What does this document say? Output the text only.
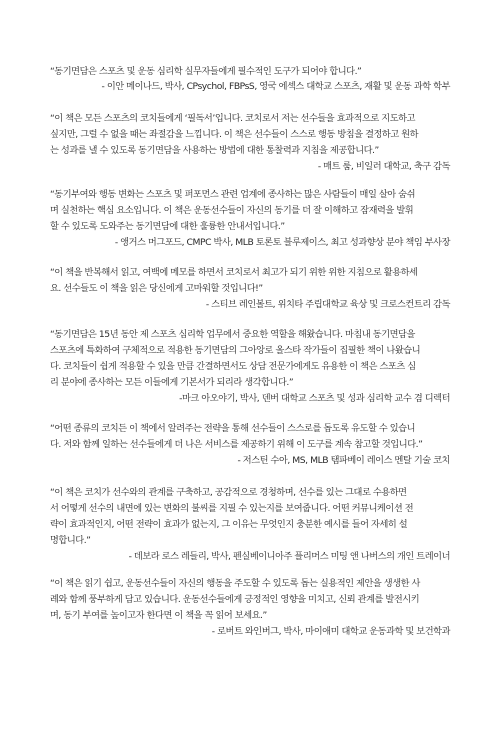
“동기면담은 스포츠 및 운동 심리학 실무자들에게 필수적인 도구가 되어야 합니다.”
- 이안 메이나드, 박사, CPsychol, FBPsS, 영국 에섹스 대학교 스포츠, 재활 및 운동 과학 학부
“이 책은 모든 스포츠의 코치들에게 ‘필독서’입니다. 코치로서 저는 선수들을 효과적으로 지도하고
싶지만, 그럴 수 없을 때는 좌절감을 느낍니다. 이 책은 선수들이 스스로 행동 방침을 결정하고 원하
는 성과를 낼 수 있도록 동기면담을 사용하는 방법에 대한 통찰력과 지침을 제공합니다.”
- 매트 룸, 비일러 대학교, 축구 감독
“동기부여와 행동 변화는 스포츠 및 퍼포먼스 관련 업계에 종사하는 많은 사람들이 매일 살아 숨쉬
며 실천하는 핵심 요소입니다. 이 책은 운동선수들이 자신의 동기를 더 잘 이해하고 잠재력을 발휘
할 수 있도록 도와주는 동기면담에 대한 훌륭한 안내서입니다.”
- 앵거스 머그포드, CMPC 박사, MLB 토론토 블루제이스, 최고 성과향상 분야 책임 부사장
“이 책을 반복해서 읽고, 여백에 메모를 하면서 코치로서 최고가 되기 위한 위한 지침으로 활용하세
요. 선수들도 이 책을 읽은 당신에게 고마워할 것입니다!”
- 스티브 레인볼트, 위치타 주립대학교 육상 및 크로스컨트리 감독
“동기면담은 15년 동안 제 스포츠 심리학 업무에서 중요한 역할을 해왔습니다. 마침내 동기면담을
스포츠에 특화하여 구체적으로 적용한 동기면담의 그아앙로 올스타 작가들이 집필한 책이 나왔습니
다. 코치들이 쉽게 적용할 수 있을 만큼 간결하면서도 상담 전문가에게도 유용한 이 책은 스포츠 심
리 분야에 종사하는 모든 이들에게 기본서가 되리라 생각합니다.”
-마크 아오야기, 박사, 덴버 대학교 스포츠 및 성과 심리학 교수 겸 디렉터
“어떤 종류의 코치든 이 책에서 알려주는 전략을 통해 선수들이 스스로를 돕도록 유도할 수 있습니
다. 저와 함께 일하는 선수들에게 더 나은 서비스를 제공하기 위해 이 도구를 계속 참고할 것입니다.”
- 저스틴 수아, MS, MLB 탬파베이 레이스 멘탈 기술 코치
“이 책은 코치가 선수와의 관계를 구축하고, 공감적으로 경청하며, 선수를 있는 그대로 수용하면
서 어떻게 선수의 내면에 있는 변화의 불씨를 지필 수 있는지를 보여줍니다. 어떤 커뮤니케이션 전
략이 효과적인지, 어떤 전략이 효과가 없는지, 그 이유는 무엇인지 충분한 예시를 들어 자세히 설
명합니다.”
- 데보라 로스 레들리, 박사, 펜실베이니아주 플리머스 미팅 앤 나버스의 개인 트레이너
“이 책은 읽기 쉽고, 운동선수들이 자신의 행동을 주도할 수 있도록 돕는 실용적인 제안을 생생한 사
례와 함께 풍부하게 담고 있습니다. 운동선수들에게 긍정적인 영향을 미치고, 신뢰 관계를 발전시키
며, 동기 부여를 높이고자 한다면 이 책을 꼭 읽어 보세요.”
- 로버트 와인버그, 박사, 마이애미 대학교 운동과학 및 보건학과
